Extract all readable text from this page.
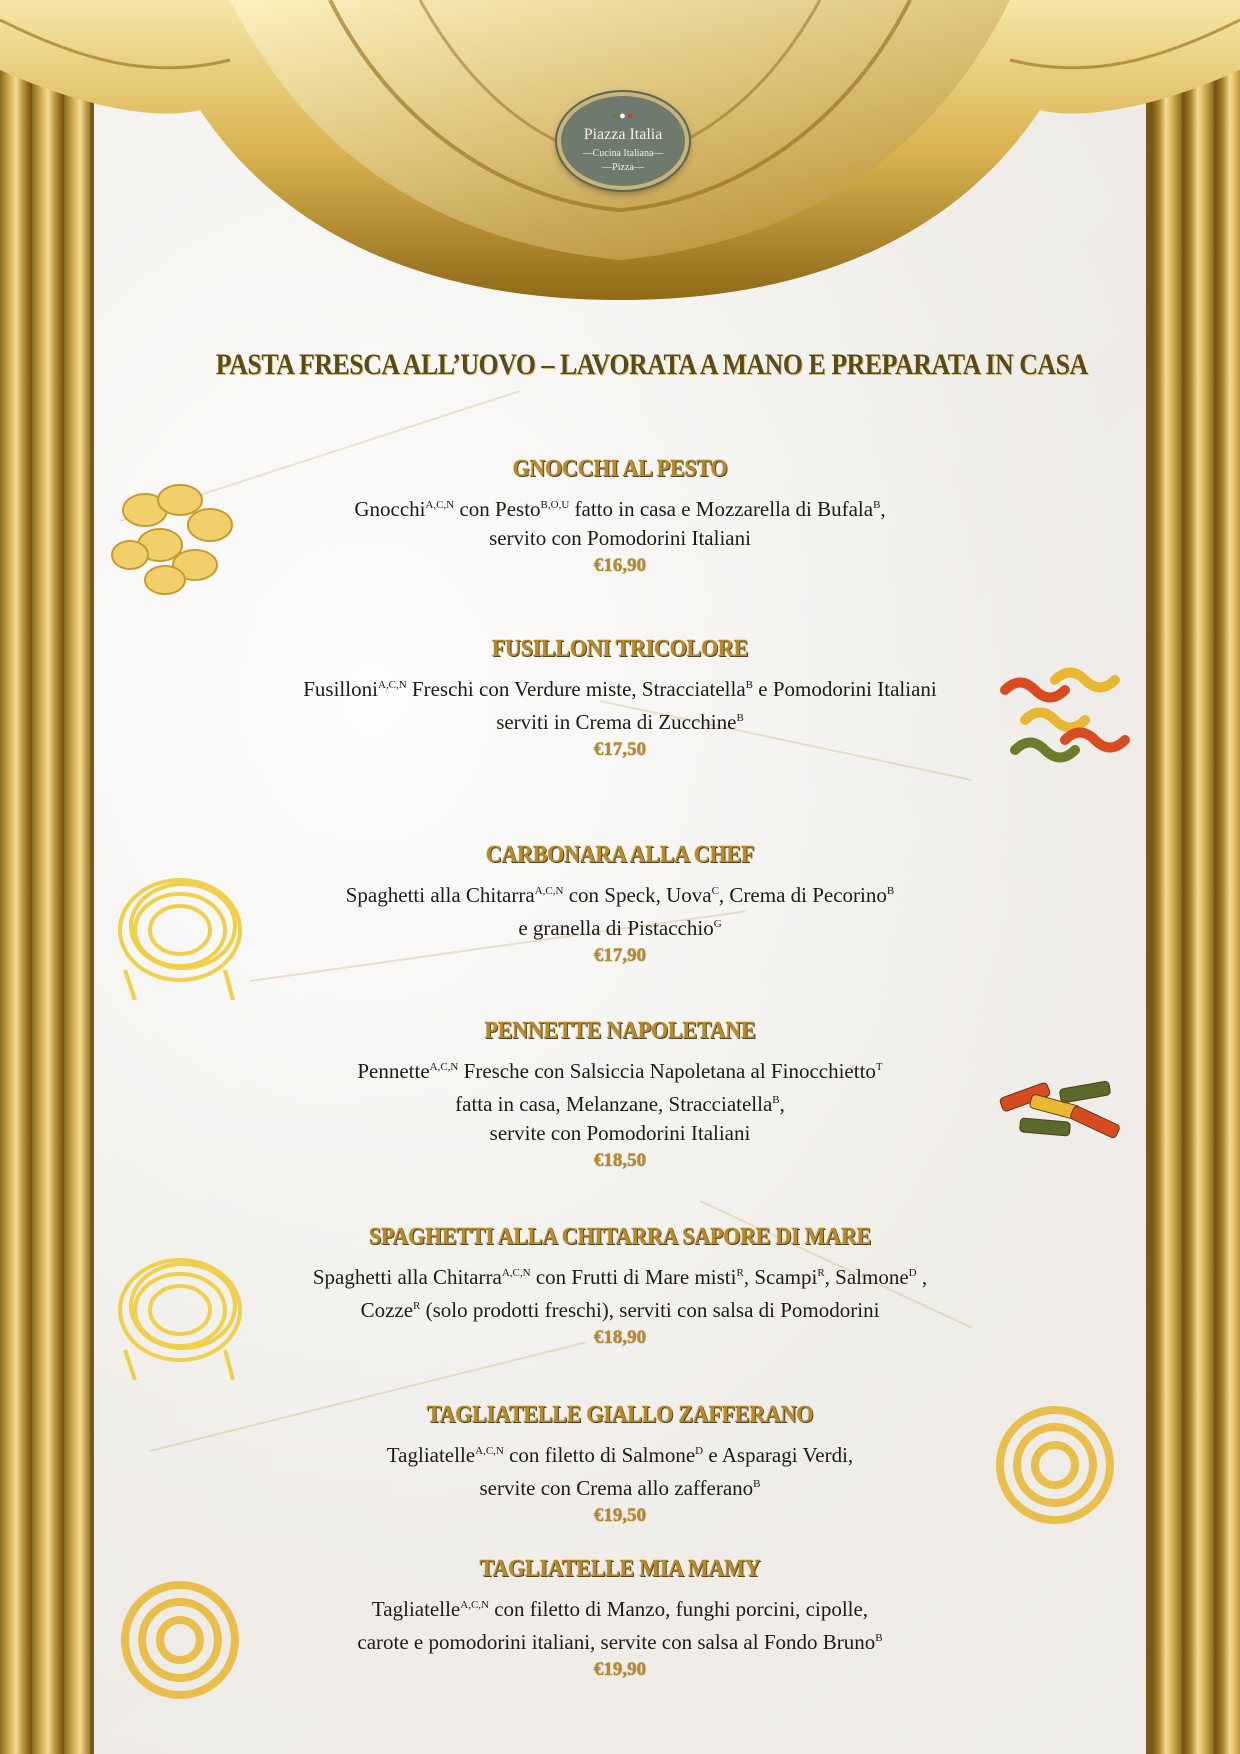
●●●
Piazza Italia
—Cucina Italiana—
—Pizza—
PASTA FRESCA ALL’UOVO – LAVORATA A MANO E PREPARATA IN CASA
GNOCCHI AL PESTO
Gnocchi$^{A,C,N}$ con Pesto$^{B,O,U}$ fatto in casa e Mozzarella di Bufala$^B$,
servito con Pomodorini Italiani
€16,90
FUSILLONI TRICOLORE
Fusilloni$^{A,C,N}$ Freschi con Verdure miste, Stracciatella$^B$ e Pomodorini Italiani
serviti in Crema di Zucchine$^B$
€17,50
CARBONARA ALLA CHEF
Spaghetti alla Chitarra$^{A,C,N}$ con Speck, Uova$^C$, Crema di Pecorino$^B$
e granella di Pistacchio$^G$
€17,90
PENNETTE NAPOLETANE
Pennette$^{A,C,N}$ Fresche con Salsiccia Napoletana al Finocchietto$^T$
fatta in casa, Melanzane, Stracciatella$^B$,
servite con Pomodorini Italiani
€18,50
SPAGHETTI ALLA CHITARRA SAPORE DI MARE
Spaghetti alla Chitarra$^{A,C,N}$ con Frutti di Mare misti$^R$, Scampi$^R$, Salmone$^D$ ,
Cozze$^R$ (solo prodotti freschi), serviti con salsa di Pomodorini
€18,90
TAGLIATELLE GIALLO ZAFFERANO
Tagliatelle$^{A,C,N}$ con filetto di Salmone$^D$ e Asparagi Verdi,
servite con Crema allo zafferano$^B$
€19,50
TAGLIATELLE MIA MAMY
Tagliatelle$^{A,C,N}$ con filetto di Manzo, funghi porcini, cipolle,
carote e pomodorini italiani, servite con salsa al Fondo Bruno$^B$
€19,90
